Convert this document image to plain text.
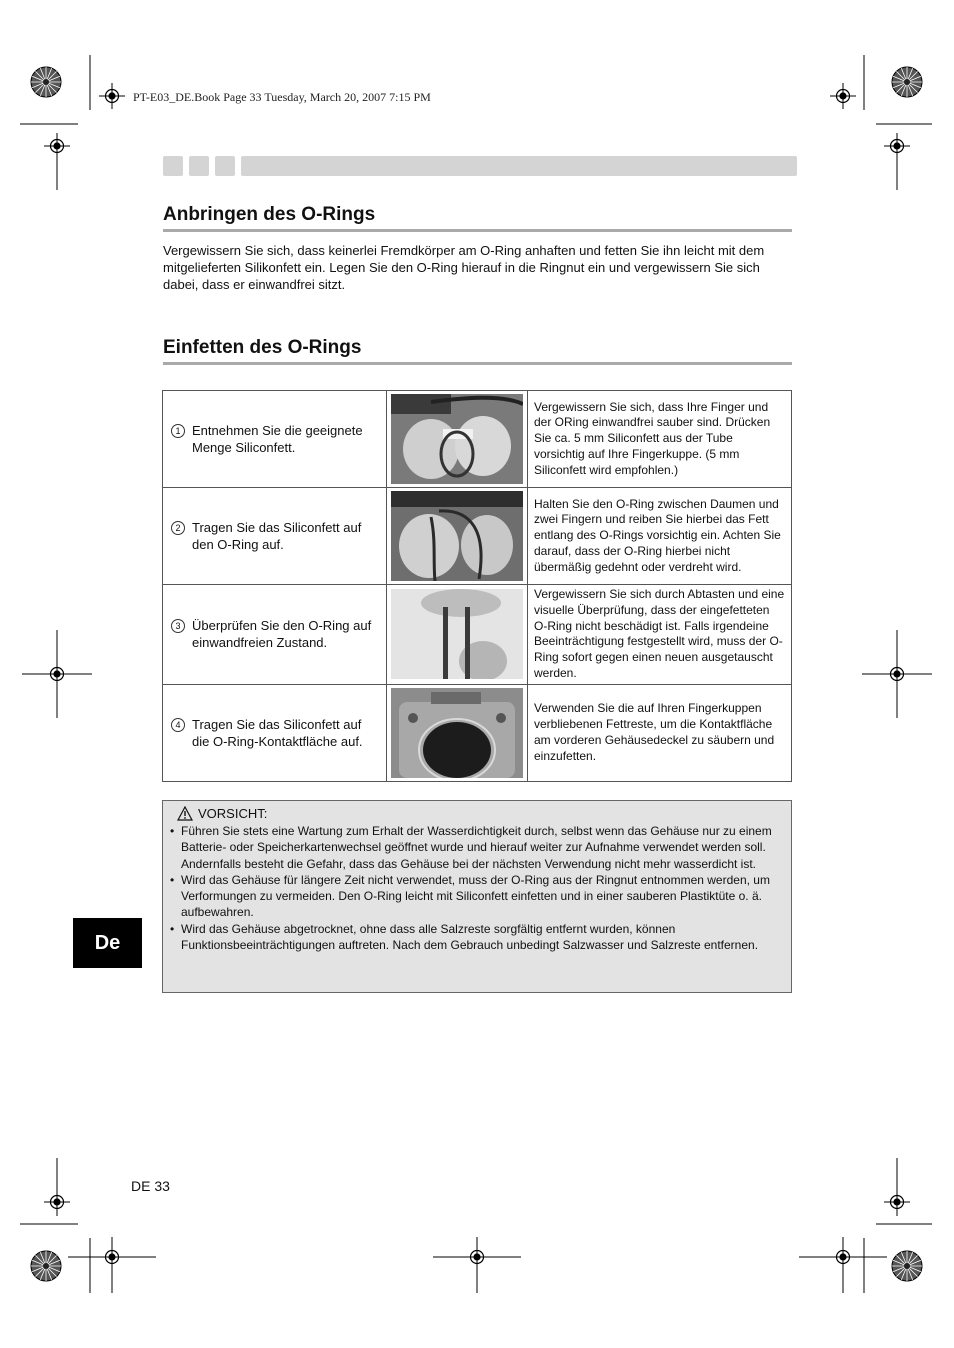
PT-E03_DE.Book Page 33 Tuesday, March 20, 2007 7:15 PM
Anbringen des O-Rings
Vergewissern Sie sich, dass keinerlei Fremdkörper am O-Ring anhaften und fetten Sie ihn leicht mit dem mitgelieferten Silikonfett ein. Legen Sie den O-Ring hierauf in die Ringnut ein und vergewissern Sie sich dabei, dass er einwandfrei sitzt.
Einfetten des O-Rings
1 Entnehmen Sie die geeignete Menge Siliconfett.		Vergewissern Sie sich, dass Ihre Finger und der ORing einwandfrei sauber sind. Drücken Sie ca. 5 mm Siliconfett aus der Tube vorsichtig auf Ihre Fingerkuppe. (5 mm Siliconfett wird empfohlen.)

2 Tragen Sie das Siliconfett auf den O-Ring auf.		Halten Sie den O-Ring zwischen Daumen und zwei Fingern und reiben Sie hierbei das Fett entlang des O-Rings vorsichtig ein. Achten Sie darauf, dass der O-Ring hierbei nicht übermäßig gedehnt oder verdreht wird.

3 Überprüfen Sie den O-Ring auf einwandfreien Zustand.		Vergewissern Sie sich durch Abtasten und eine visuelle Überprüfung, dass der eingefetteten O-Ring nicht beschädigt ist. Falls irgendeine Beeinträchtigung festgestellt wird, muss der O-Ring sofort gegen einen neuen ausgetauscht werden.

4 Tragen Sie das Siliconfett auf die O-Ring-Kontaktfläche auf.		Verwenden Sie die auf Ihren Fingerkuppen verbliebenen Fettreste, um die Kontaktfläche am vorderen Gehäusedeckel zu säubern und einzufetten.
VORSICHT:
• Führen Sie stets eine Wartung zum Erhalt der Wasserdichtigkeit durch, selbst wenn das Gehäuse nur zu einem Batterie- oder Speicherkartenwechsel geöffnet wurde und hierauf weiter zur Aufnahme verwendet werden soll. Andernfalls besteht die Gefahr, dass das Gehäuse bei der nächsten Verwendung nicht mehr wasserdicht ist.
• Wird das Gehäuse für längere Zeit nicht verwendet, muss der O-Ring aus der Ringnut entnommen werden, um Verformungen zu vermeiden. Den O-Ring leicht mit Siliconfett einfetten und in einer sauberen Plastiktüte o. ä. aufbewahren.
• Wird das Gehäuse abgetrocknet, ohne dass alle Salzreste sorgfältig entfernt wurden, können Funktionsbeeinträchtigungen auftreten. Nach dem Gebrauch unbedingt Salzwasser und Salzreste entfernen.
De
DE 33
